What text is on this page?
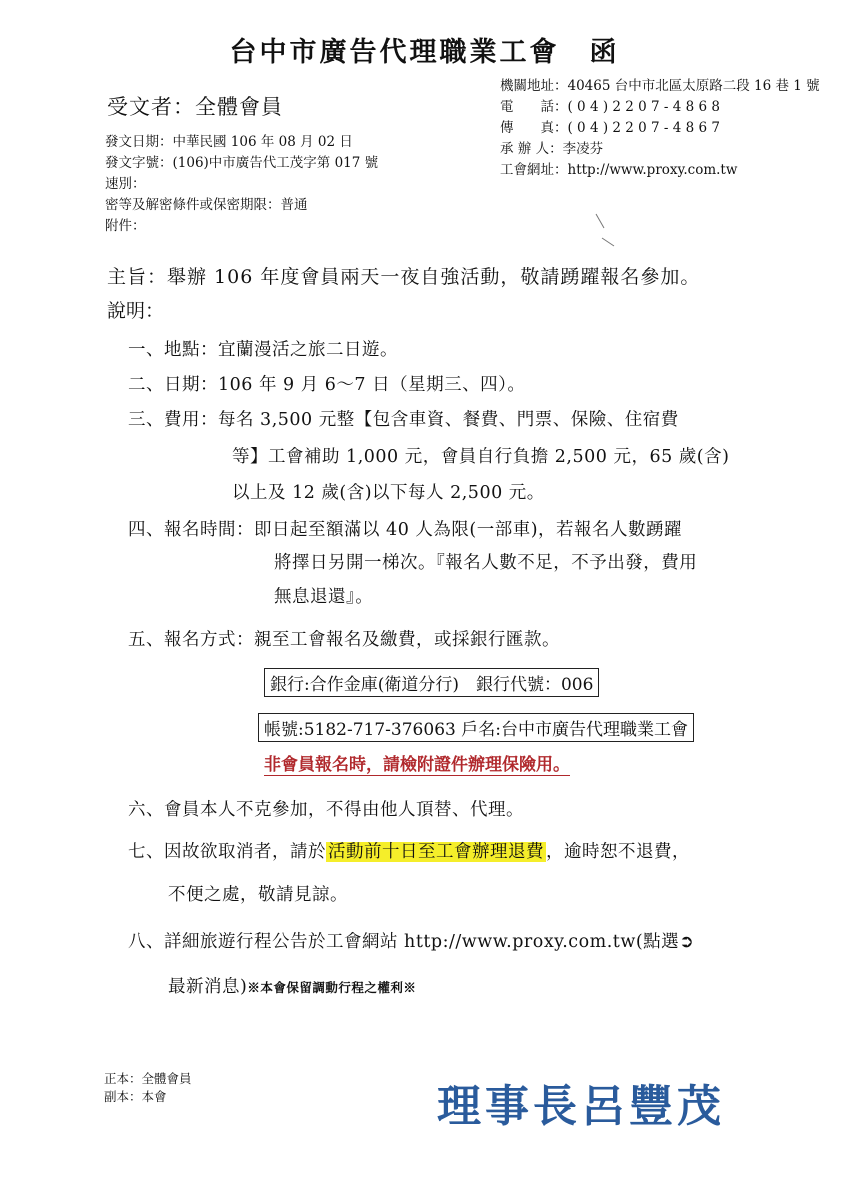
台中市廣告代理職業工會　函
受文者：全體會員
發文日期：中華民國 106 年 08 月 02 日
發文字號：(106)中市廣告代工茂字第 017 號
速別：
密等及解密條件或保密期限：普通
附件：
機關地址：40465 台中市北區太原路二段 16 巷 1 號
電　　話：( 0 4 ) 2 2 0 7 - 4 8 6 8
傳　　真：( 0 4 ) 2 2 0 7 - 4 8 6 7
承 辦 人：李凌芬
工會網址：http://www.proxy.com.tw
主旨：舉辦 106 年度會員兩天一夜自強活動，敬請踴躍報名參加。
說明：
一、地點：宜蘭漫活之旅二日遊。
二、日期：106 年 9 月 6～7 日（星期三、四）。
三、費用：每名 3,500 元整【包含車資、餐費、門票、保險、住宿費
等】工會補助 1,000 元，會員自行負擔 2,500 元，65 歲(含)
以上及 12 歲(含)以下每人 2,500 元。
四、報名時間：即日起至額滿以 40 人為限(一部車)，若報名人數踴躍
將擇日另開一梯次。『報名人數不足，不予出發，費用
無息退還』。
五、報名方式：親至工會報名及繳費，或採銀行匯款。
銀行:合作金庫(衛道分行)　銀行代號：006
帳號:5182-717-376063 戶名:台中市廣告代理職業工會
非會員報名時，請檢附證件辦理保險用。
六、會員本人不克參加，不得由他人頂替、代理。
七、因故欲取消者，請於 活動前十日至工會辦理退費 ，逾時恕不退費，
不便之處，敬請見諒。
八、詳細旅遊行程公告於工會網站 http://www.proxy.com.tw(點選➲
最新消息)※本會保留調動行程之權利※
正本：全體會員
副本：本會	理事長呂豐茂
